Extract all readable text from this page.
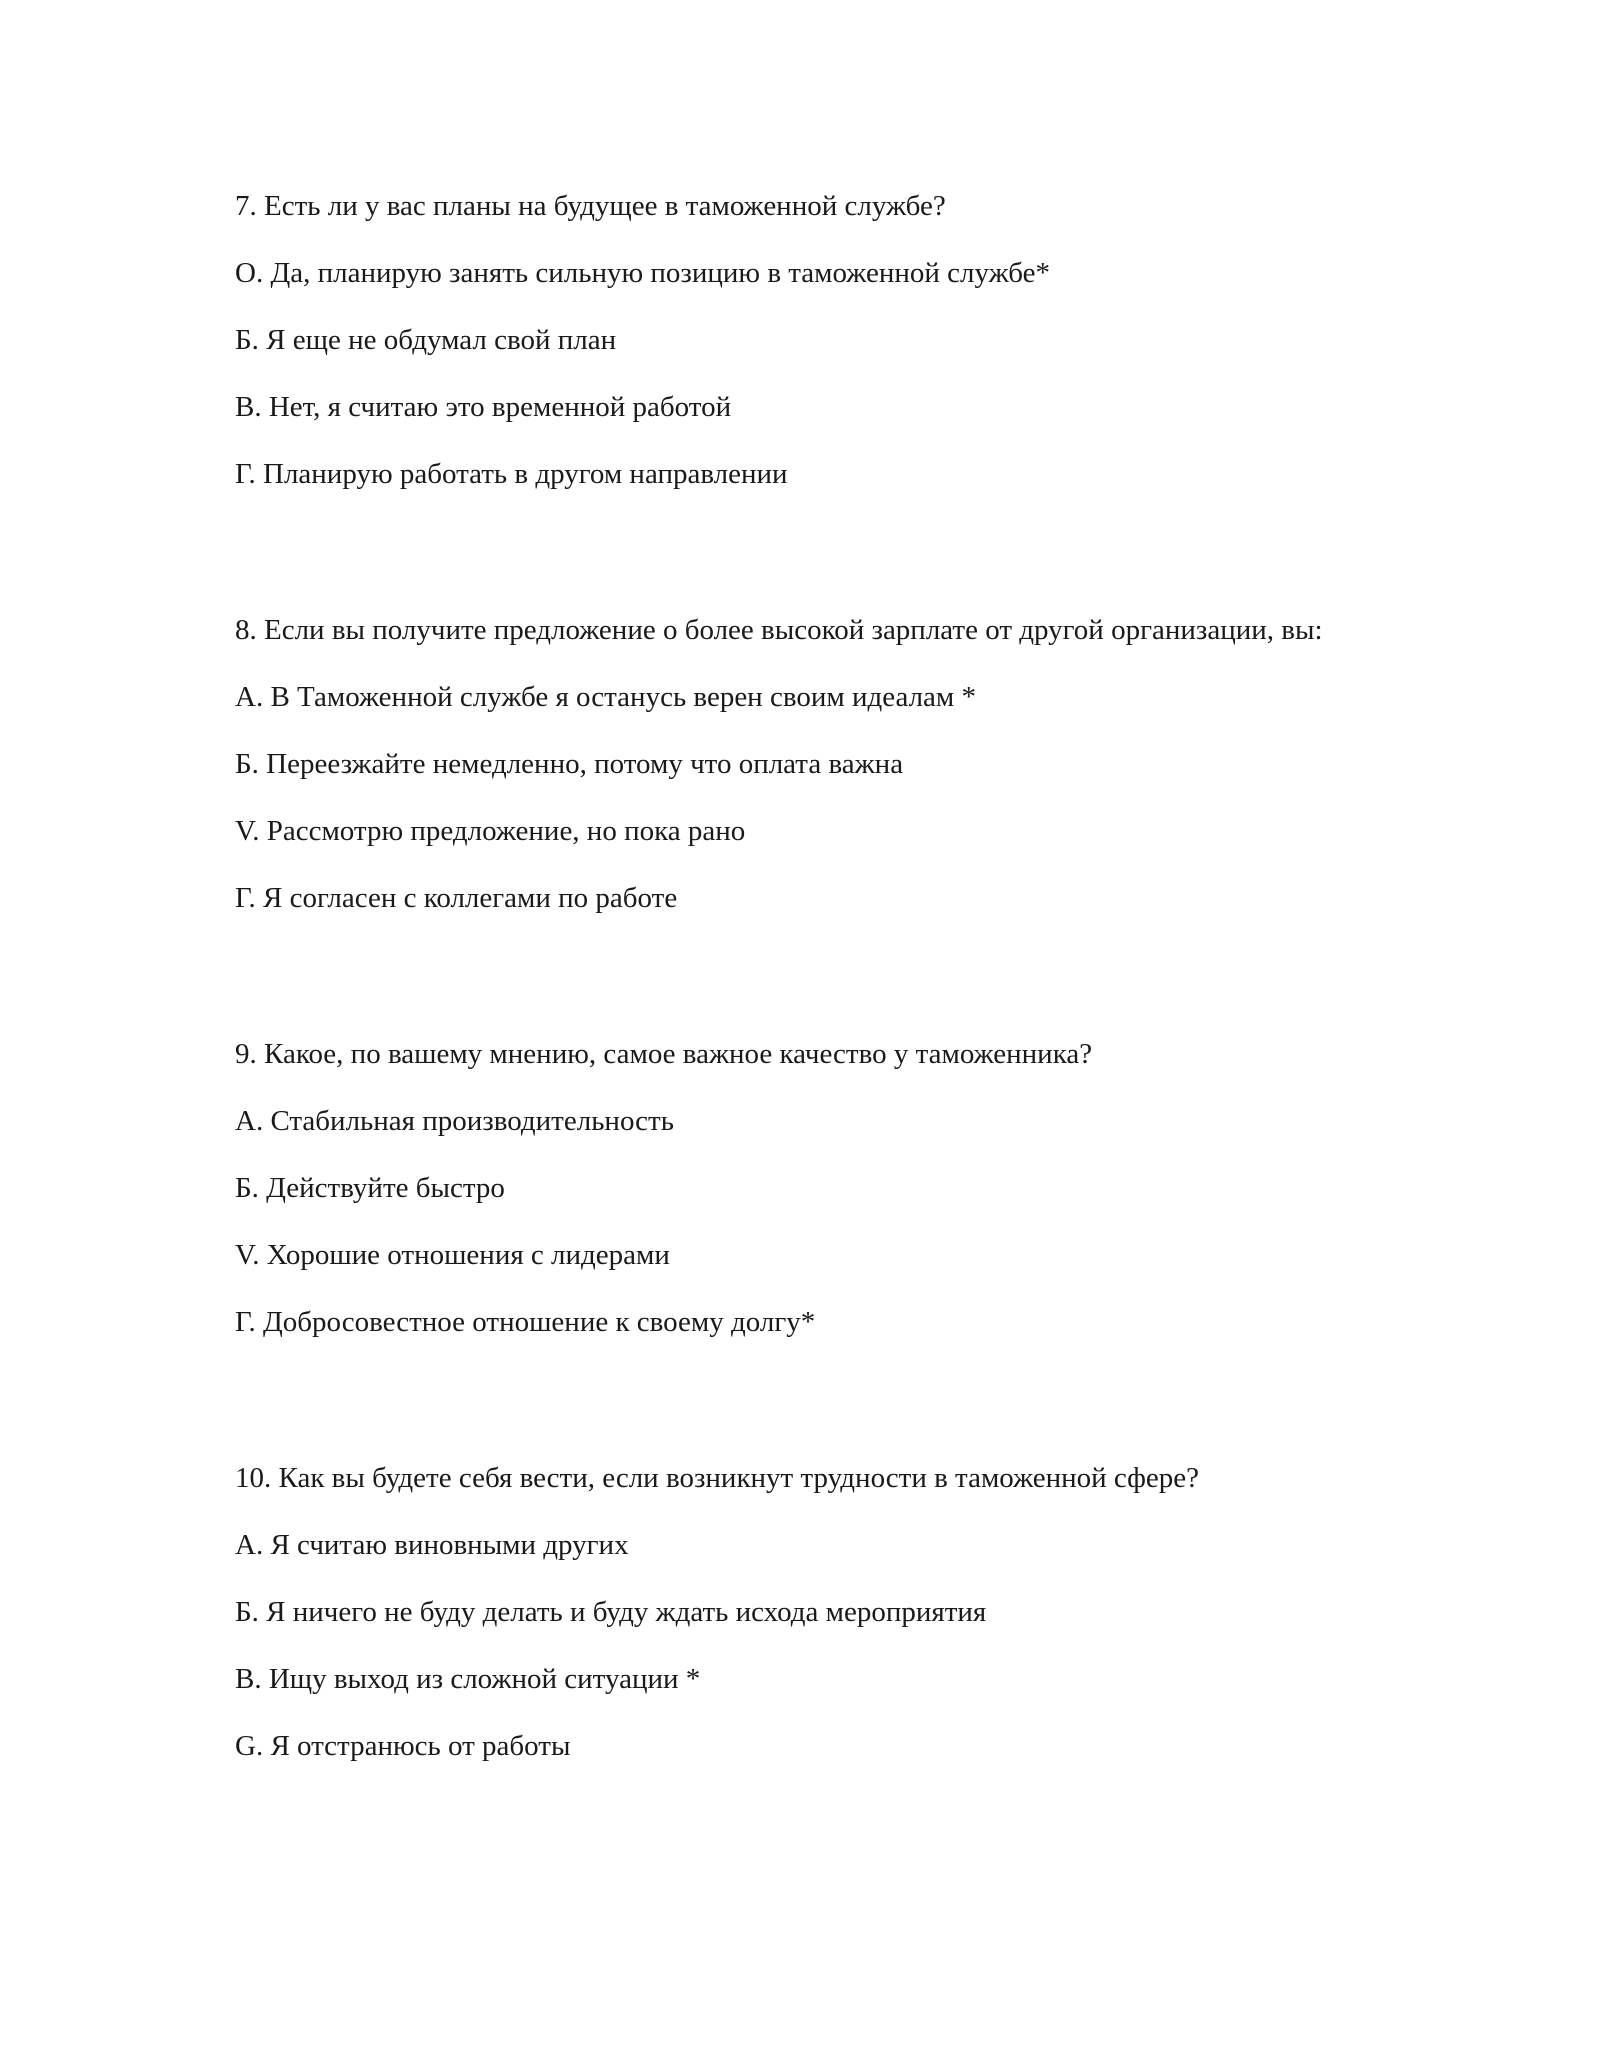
7. Есть ли у вас планы на будущее в таможенной службе?
О. Да, планирую занять сильную позицию в таможенной службе*
Б. Я еще не обдумал свой план
В. Нет, я считаю это временной работой
Г. Планирую работать в другом направлении
8. Если вы получите предложение о более высокой зарплате от другой организации, вы:
А. В Таможенной службе я останусь верен своим идеалам *
Б. Переезжайте немедленно, потому что оплата важна
V. Рассмотрю предложение, но пока рано
Г. Я согласен с коллегами по работе
9. Какое, по вашему мнению, самое важное качество у таможенника?
А. Стабильная производительность
Б. Действуйте быстро
V. Хорошие отношения с лидерами
Г. Добросовестное отношение к своему долгу*
10. Как вы будете себя вести, если возникнут трудности в таможенной сфере?
А. Я считаю виновными других
Б. Я ничего не буду делать и буду ждать исхода мероприятия
В. Ищу выход из сложной ситуации *
G. Я отстранюсь от работы
